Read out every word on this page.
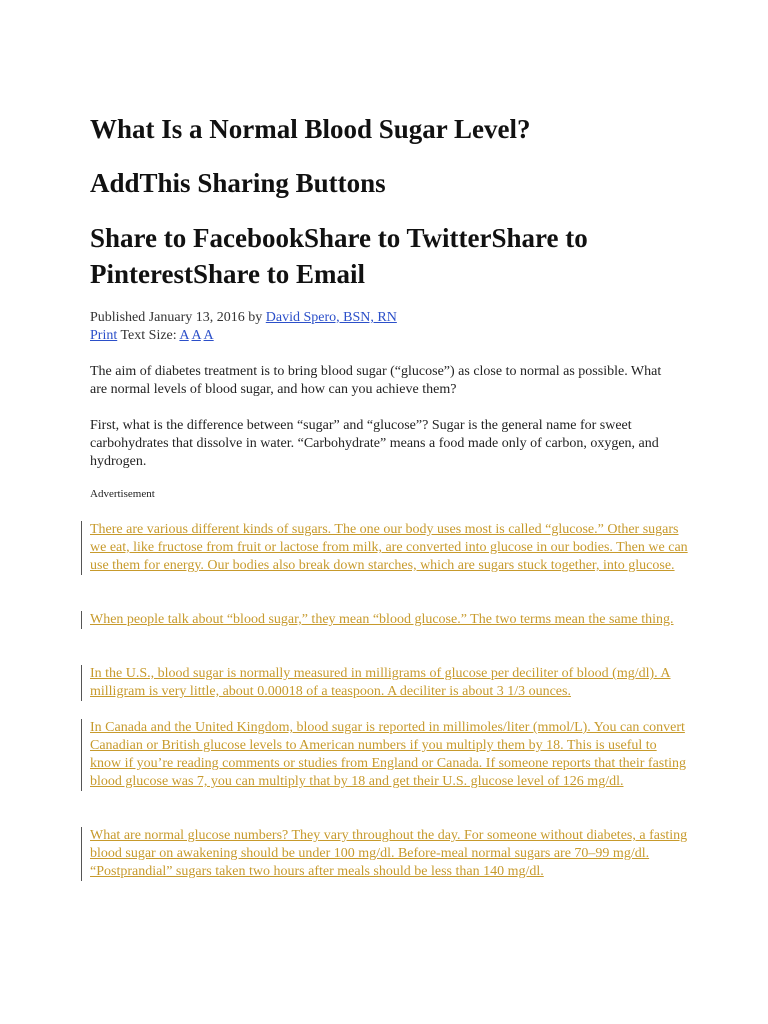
What Is a Normal Blood Sugar Level?
AddThis Sharing Buttons
Share to FacebookShare to TwitterShare to PinterestShare to Email
Published January 13, 2016 by David Spero, BSN, RN
Print Text Size: A A A

The aim of diabetes treatment is to bring blood sugar (“glucose”) as close to normal as possible. What are normal levels of blood sugar, and how can you achieve them?

First, what is the difference between “sugar” and “glucose”? Sugar is the general name for sweet carbohydrates that dissolve in water. “Carbohydrate” means a food made only of carbon, oxygen, and hydrogen.

Advertisement

There are various different kinds of sugars. The one our body uses most is called “glucose.” Other sugars we eat, like fructose from fruit or lactose from milk, are converted into glucose in our bodies. Then we can use them for energy. Our bodies also break down starches, which are sugars stuck together, into glucose.

When people talk about “blood sugar,” they mean “blood glucose.” The two terms mean the same thing.

In the U.S., blood sugar is normally measured in milligrams of glucose per deciliter of blood (mg/dl). A milligram is very little, about 0.00018 of a teaspoon. A deciliter is about 3 1/3 ounces.

In Canada and the United Kingdom, blood sugar is reported in millimoles/liter (mmol/L). You can convert Canadian or British glucose levels to American numbers if you multiply them by 18. This is useful to know if you’re reading comments or studies from England or Canada. If someone reports that their fasting blood glucose was 7, you can multiply that by 18 and get their U.S. glucose level of 126 mg/dl.

What are normal glucose numbers? They vary throughout the day. For someone without diabetes, a fasting blood sugar on awakening should be under 100 mg/dl. Before-meal normal sugars are 70–99 mg/dl. “Postprandial” sugars taken two hours after meals should be less than 140 mg/dl.
